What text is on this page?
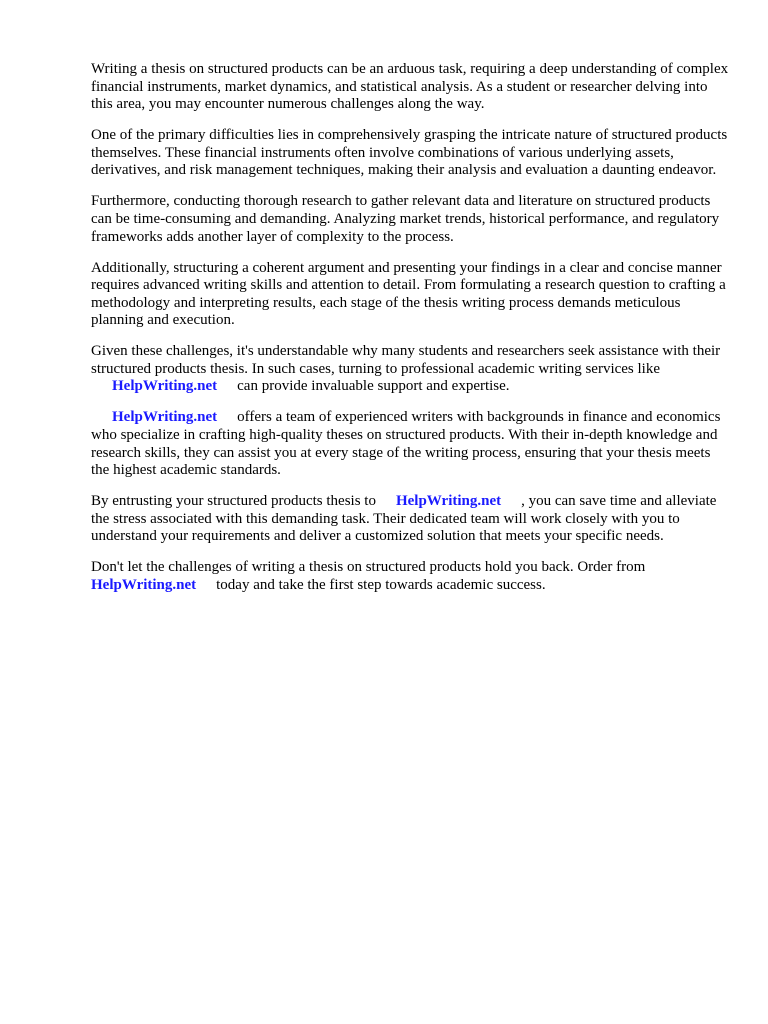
Writing a thesis on structured products can be an arduous task, requiring a deep understanding of complex financial instruments, market dynamics, and statistical analysis. As a student or researcher delving into this area, you may encounter numerous challenges along the way.

One of the primary difficulties lies in comprehensively grasping the intricate nature of structured products themselves. These financial instruments often involve combinations of various underlying assets, derivatives, and risk management techniques, making their analysis and evaluation a daunting endeavor.

Furthermore, conducting thorough research to gather relevant data and literature on structured products can be time-consuming and demanding. Analyzing market trends, historical performance, and regulatory frameworks adds another layer of complexity to the process.

Additionally, structuring a coherent argument and presenting your findings in a clear and concise manner requires advanced writing skills and attention to detail. From formulating a research question to crafting a methodology and interpreting results, each stage of the thesis writing process demands meticulous planning and execution.

Given these challenges, it's understandable why many students and researchers seek assistance with their structured products thesis. In such cases, turning to professional academic writing services like
HelpWriting.net can provide invaluable support and expertise.

HelpWriting.net offers a team of experienced writers with backgrounds in finance and economics who specialize in crafting high-quality theses on structured products. With their in-depth knowledge and research skills, they can assist you at every stage of the writing process, ensuring that your thesis meets the highest academic standards.

By entrusting your structured products thesis to HelpWriting.net , you can save time and alleviate the stress associated with this demanding task. Their dedicated team will work closely with you to understand your requirements and deliver a customized solution that meets your specific needs.

Don't let the challenges of writing a thesis on structured products hold you back. Order from
HelpWriting.net today and take the first step towards academic success.
